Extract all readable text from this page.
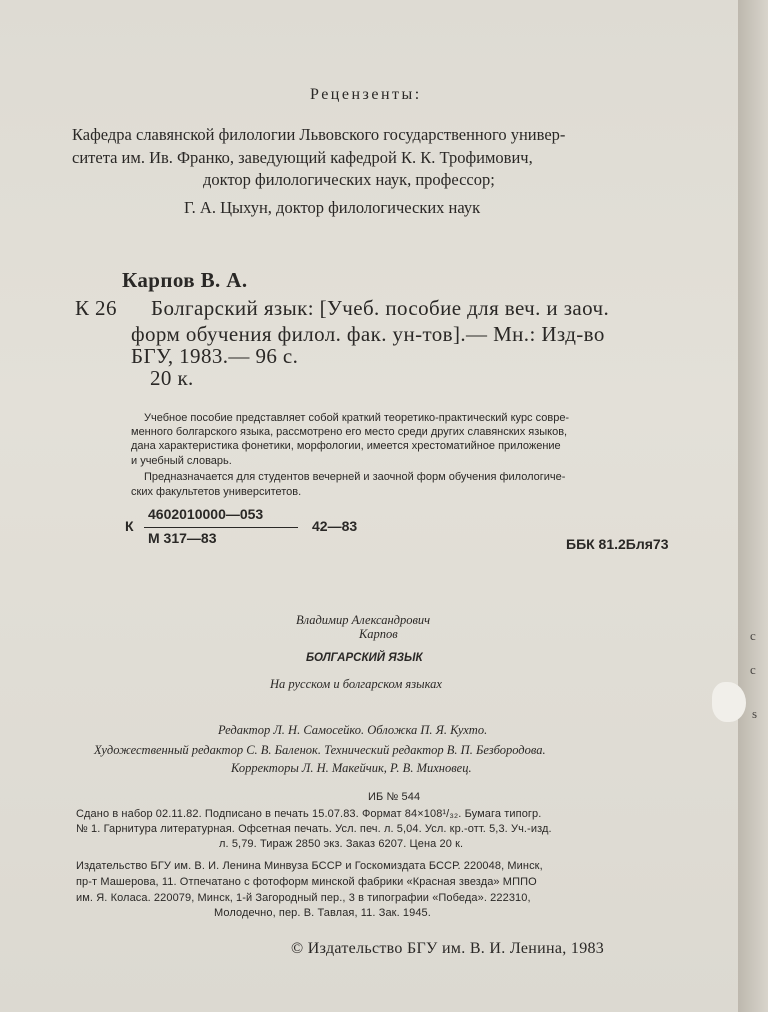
с
с
s
Рецензенты:
Кафедра славянской филологии Львовского государственного универ-
ситета им. Ив. Франко, заведующий кафедрой К. К. Трофимович,
доктор филологических наук, профессор;
Г. А. Цыхун, доктор филологических наук
Карпов В. А.
К 26 Болгарский язык: [Учеб. пособие для веч. и заоч.
форм обучения филол. фак. ун-тов].— Мн.: Изд-во
БГУ, 1983.— 96 с.
20 к.
Учебное пособие представляет собой краткий теоретико-практический курс совре-
менного болгарского языка, рассмотрено его место среди других славянских языков,
дана характеристика фонетики, морфологии, имеется хрестоматийное приложение
и учебный словарь.
Предназначается для студентов вечерней и заочной форм обучения филологиче-
ских факультетов университетов.
К
4602010000—053
М 317—83
42—83
ББК 81.2Бля73
Владимир Александрович
Карпов
БОЛГАРСКИЙ ЯЗЫК
На русском и болгарском языках
Редактор Л. Н. Самосейко. Обложка П. Я. Кухто.
Художественный редактор С. В. Баленок. Технический редактор В. П. Безбородова.
Корректоры Л. Н. Макейчик, Р. В. Михновец.
ИБ № 544
Сдано в набор 02.11.82. Подписано в печать 15.07.83. Формат 84×108¹/₃₂. Бумага типогр.
№ 1. Гарнитура литературная. Офсетная печать. Усл. печ. л. 5,04. Усл. кр.-отт. 5,3. Уч.-изд.
л. 5,79. Тираж 2850 экз. Заказ 6207. Цена 20 к.
Издательство БГУ им. В. И. Ленина Минвуза БССР и Госкомиздата БССР. 220048, Минск,
пр-т Машерова, 11. Отпечатано с фотоформ минской фабрики «Красная звезда» МППО
им. Я. Коласа. 220079, Минск, 1-й Загородный пер., 3 в типографии «Победа». 222310,
Молодечно, пер. В. Тавлая, 11. Зак. 1945.
© Издательство БГУ им. В. И. Ленина, 1983
